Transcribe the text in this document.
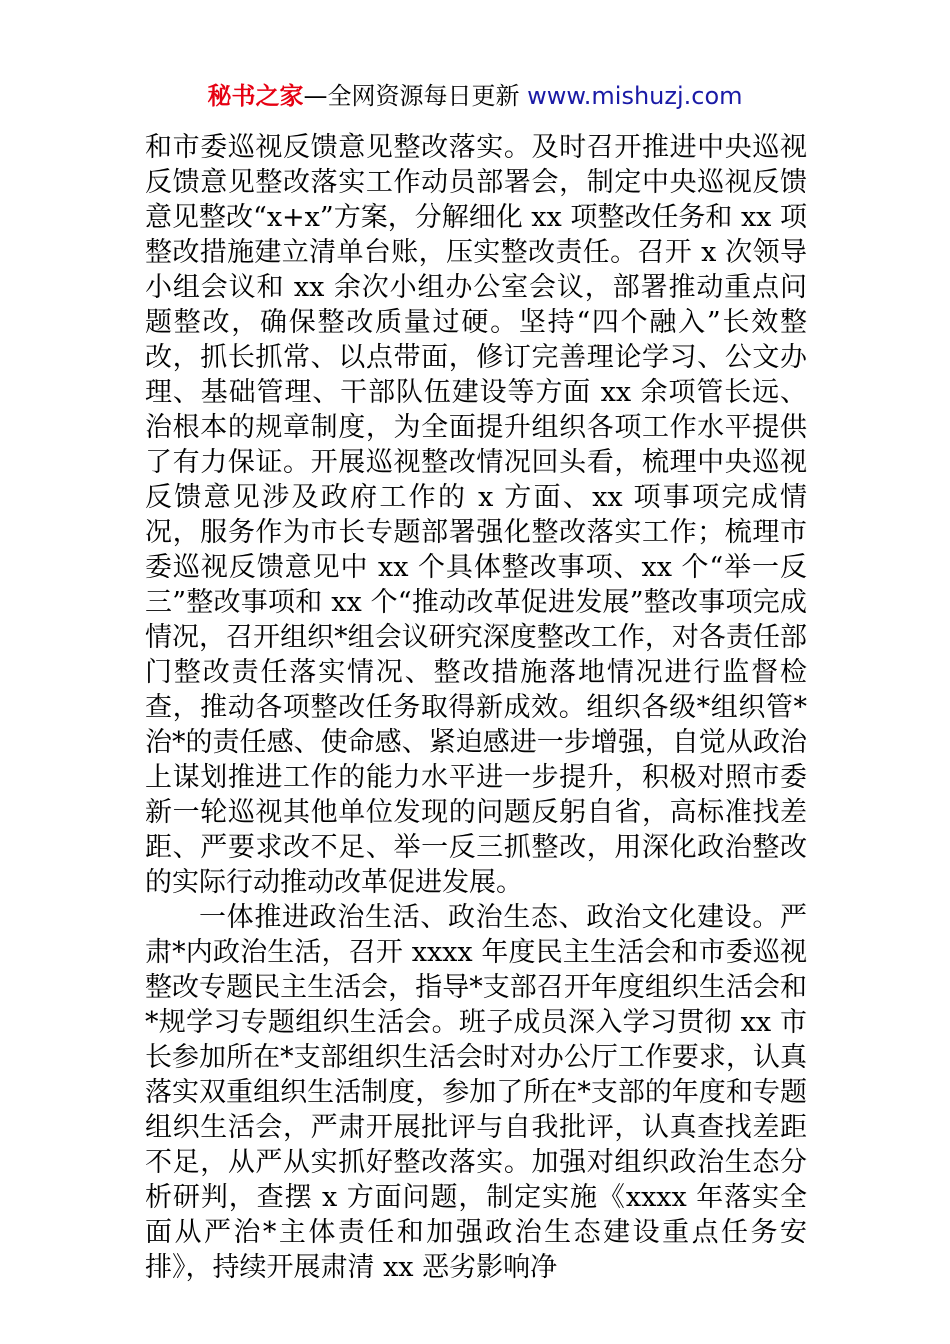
秘书之家—全网资源每日更新 www.mishuzj.com

和市委巡视反馈意见整改落实。及时召开推进中央巡视反馈意见整改落实工作动员部署会，制定中央巡视反馈意见整改“x+x”方案，分解细化 xx 项整改任务和 xx 项整改措施建立清单台账，压实整改责任。召开 x 次领导小组会议和 xx 余次小组办公室会议，部署推动重点问题整改，确保整改质量过硬。坚持“四个融入”长效整改，抓长抓常、以点带面，修订完善理论学习、公文办理、基础管理、干部队伍建设等方面 xx 余项管长远、治根本的规章制度，为全面提升组织各项工作水平提供了有力保证。开展巡视整改情况回头看，梳理中央巡视反馈意见涉及政府工作的 x 方面、xx 项事项完成情况，服务作为市长专题部署强化整改落实工作；梳理市委巡视反馈意见中 xx 个具体整改事项、xx 个“举一反三”整改事项和 xx 个“推动改革促进发展”整改事项完成情况，召开组织*组会议研究深度整改工作，对各责任部门整改责任落实情况、整改措施落地情况进行监督检查，推动各项整改任务取得新成效。组织各级*组织管*治*的责任感、使命感、紧迫感进一步增强，自觉从政治上谋划推进工作的能力水平进一步提升，积极对照市委新一轮巡视其他单位发现的问题反躬自省，高标准找差距、严要求改不足、举一反三抓整改，用深化政治整改的实际行动推动改革促进发展。

一体推进政治生活、政治生态、政治文化建设。严肃*内政治生活，召开 xxxx 年度民主生活会和市委巡视整改专题民主生活会，指导*支部召开年度组织生活会和*规学习专题组织生活会。班子成员深入学习贯彻 xx 市长参加所在*支部组织生活会时对办公厅工作要求，认真落实双重组织生活制度，参加了所在*支部的年度和专题组织生活会，严肃开展批评与自我批评，认真查找差距不足，从严从实抓好整改落实。加强对组织政治生态分析研判，查摆 x 方面问题，制定实施《xxxx 年落实全面从严治*主体责任和加强政治生态建设重点任务安排》，持续开展肃清 xx 恶劣影响净
